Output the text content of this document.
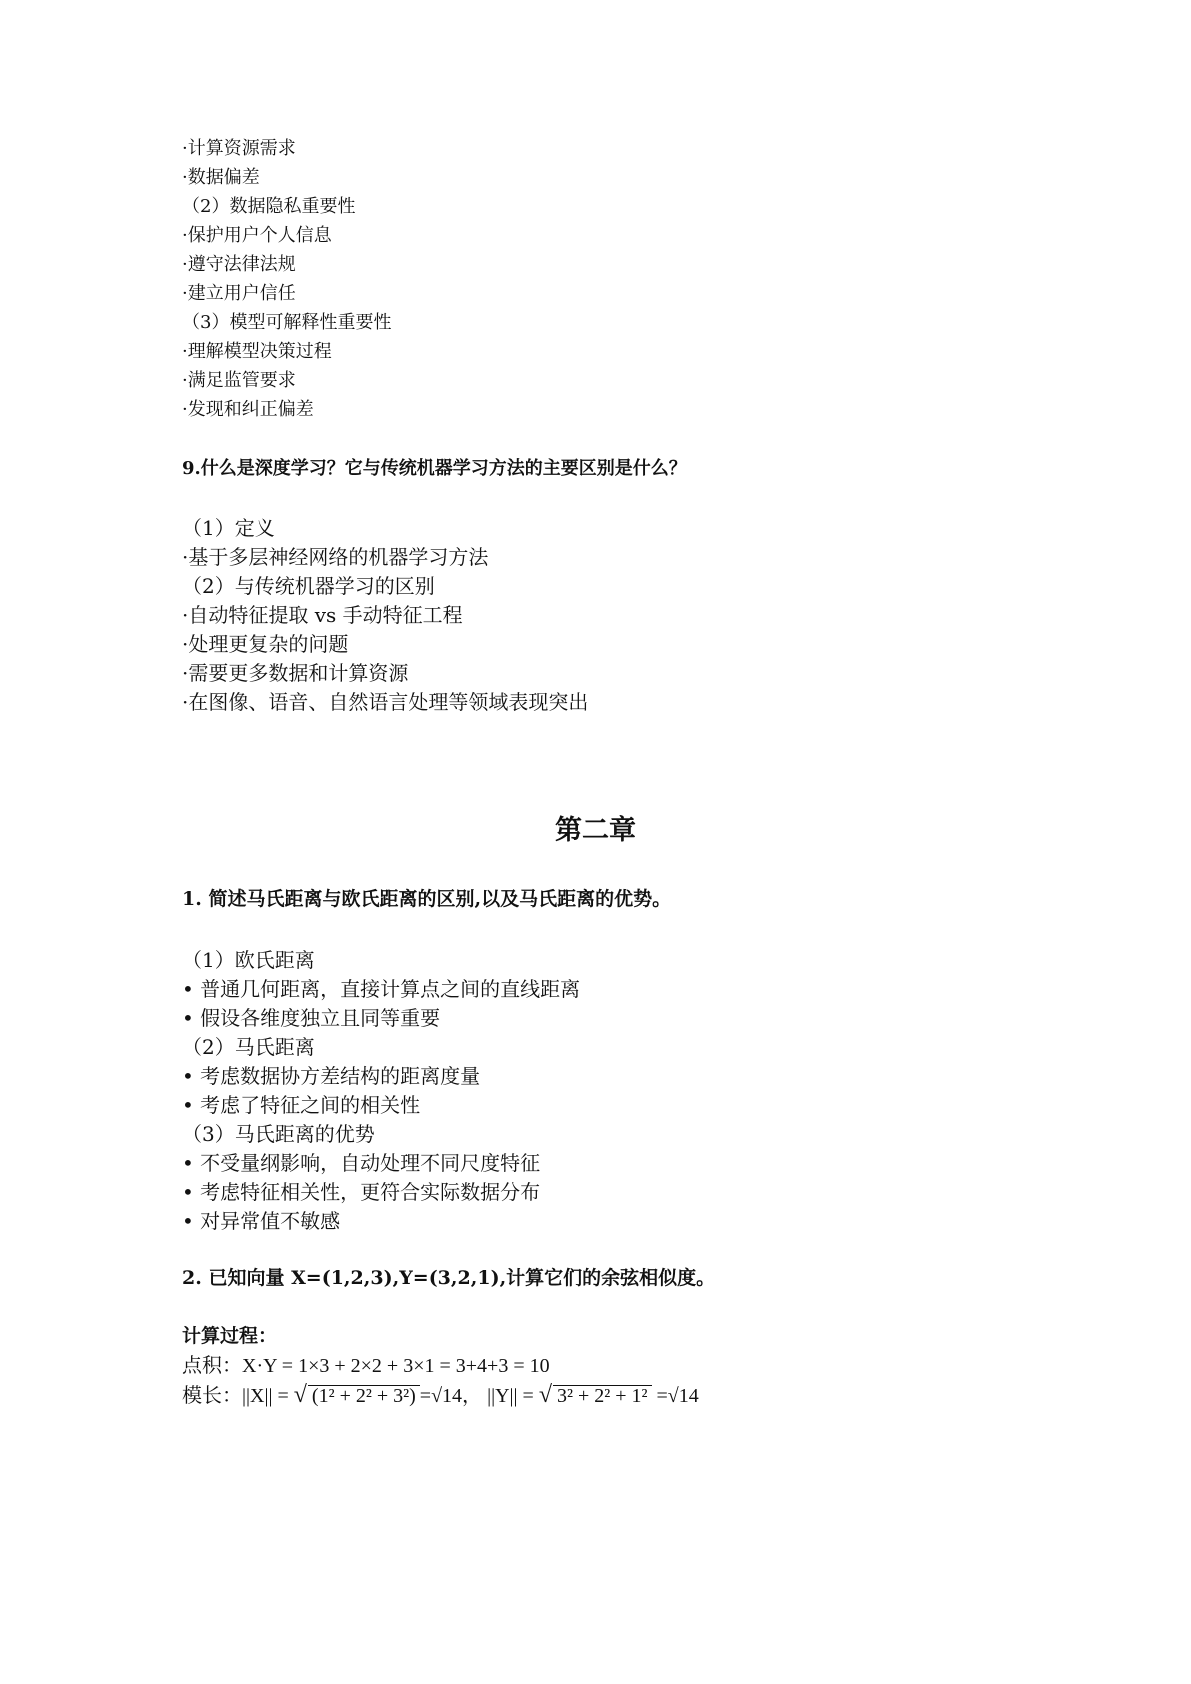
·计算资源需求
·数据偏差
（2）数据隐私重要性
·保护用户个人信息
·遵守法律法规
·建立用户信任
（3）模型可解释性重要性
·理解模型决策过程
·满足监管要求
·发现和纠正偏差
9.什么是深度学习？它与传统机器学习方法的主要区别是什么？
（1）定义
·基于多层神经网络的机器学习方法
（2）与传统机器学习的区别
·自动特征提取 vs 手动特征工程
·处理更复杂的问题
·需要更多数据和计算资源
·在图像、语音、自然语言处理等领域表现突出
第二章
1. 简述马氏距离与欧氏距离的区别,以及马氏距离的优势。
（1）欧氏距离
• 普通几何距离，直接计算点之间的直线距离
• 假设各维度独立且同等重要
（2）马氏距离
• 考虑数据协方差结构的距离度量
• 考虑了特征之间的相关性
（3）马氏距离的优势
• 不受量纲影响，自动处理不同尺度特征
• 考虑特征相关性，更符合实际数据分布
• 对异常值不敏感
2. 已知向量 X=(1,2,3),Y=(3,2,1),计算它们的余弦相似度。
计算过程：
点积：X·Y = 1×3 + 2×2 + 3×1 = 3+4+3 = 10
模长：||X|| = √ (1² + 2² + 3²) =√14， ||Y|| = √ 3² + 2² + 1² =√14
